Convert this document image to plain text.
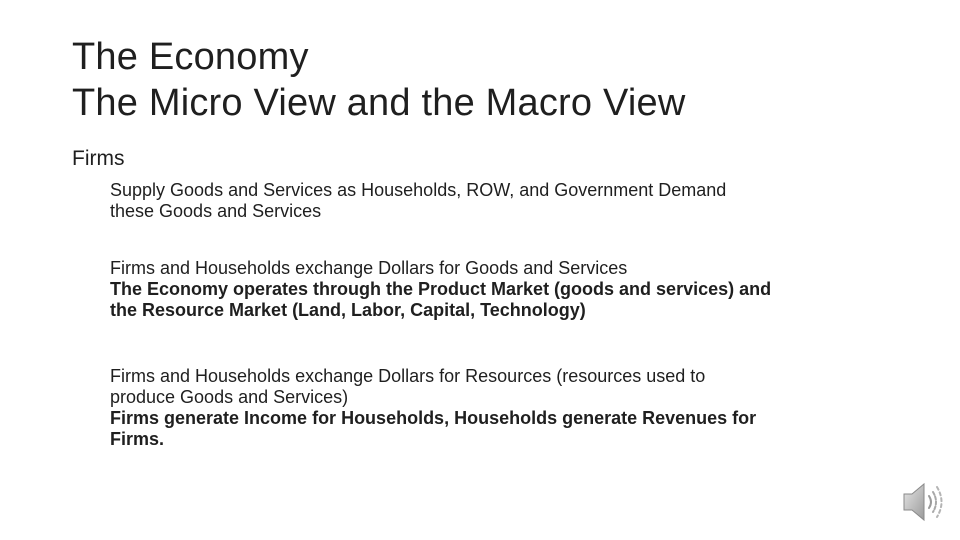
The Economy
The Micro View and the Macro View
Firms
Supply Goods and Services as Households, ROW, and Government Demand
these Goods and Services
Firms and Households exchange Dollars for Goods and Services
The Economy operates through the Product Market (goods and services) and
the Resource Market (Land, Labor, Capital, Technology)
Firms and Households exchange Dollars for Resources (resources used to
produce Goods and Services)
Firms generate Income for Households, Households generate Revenues for
Firms.
